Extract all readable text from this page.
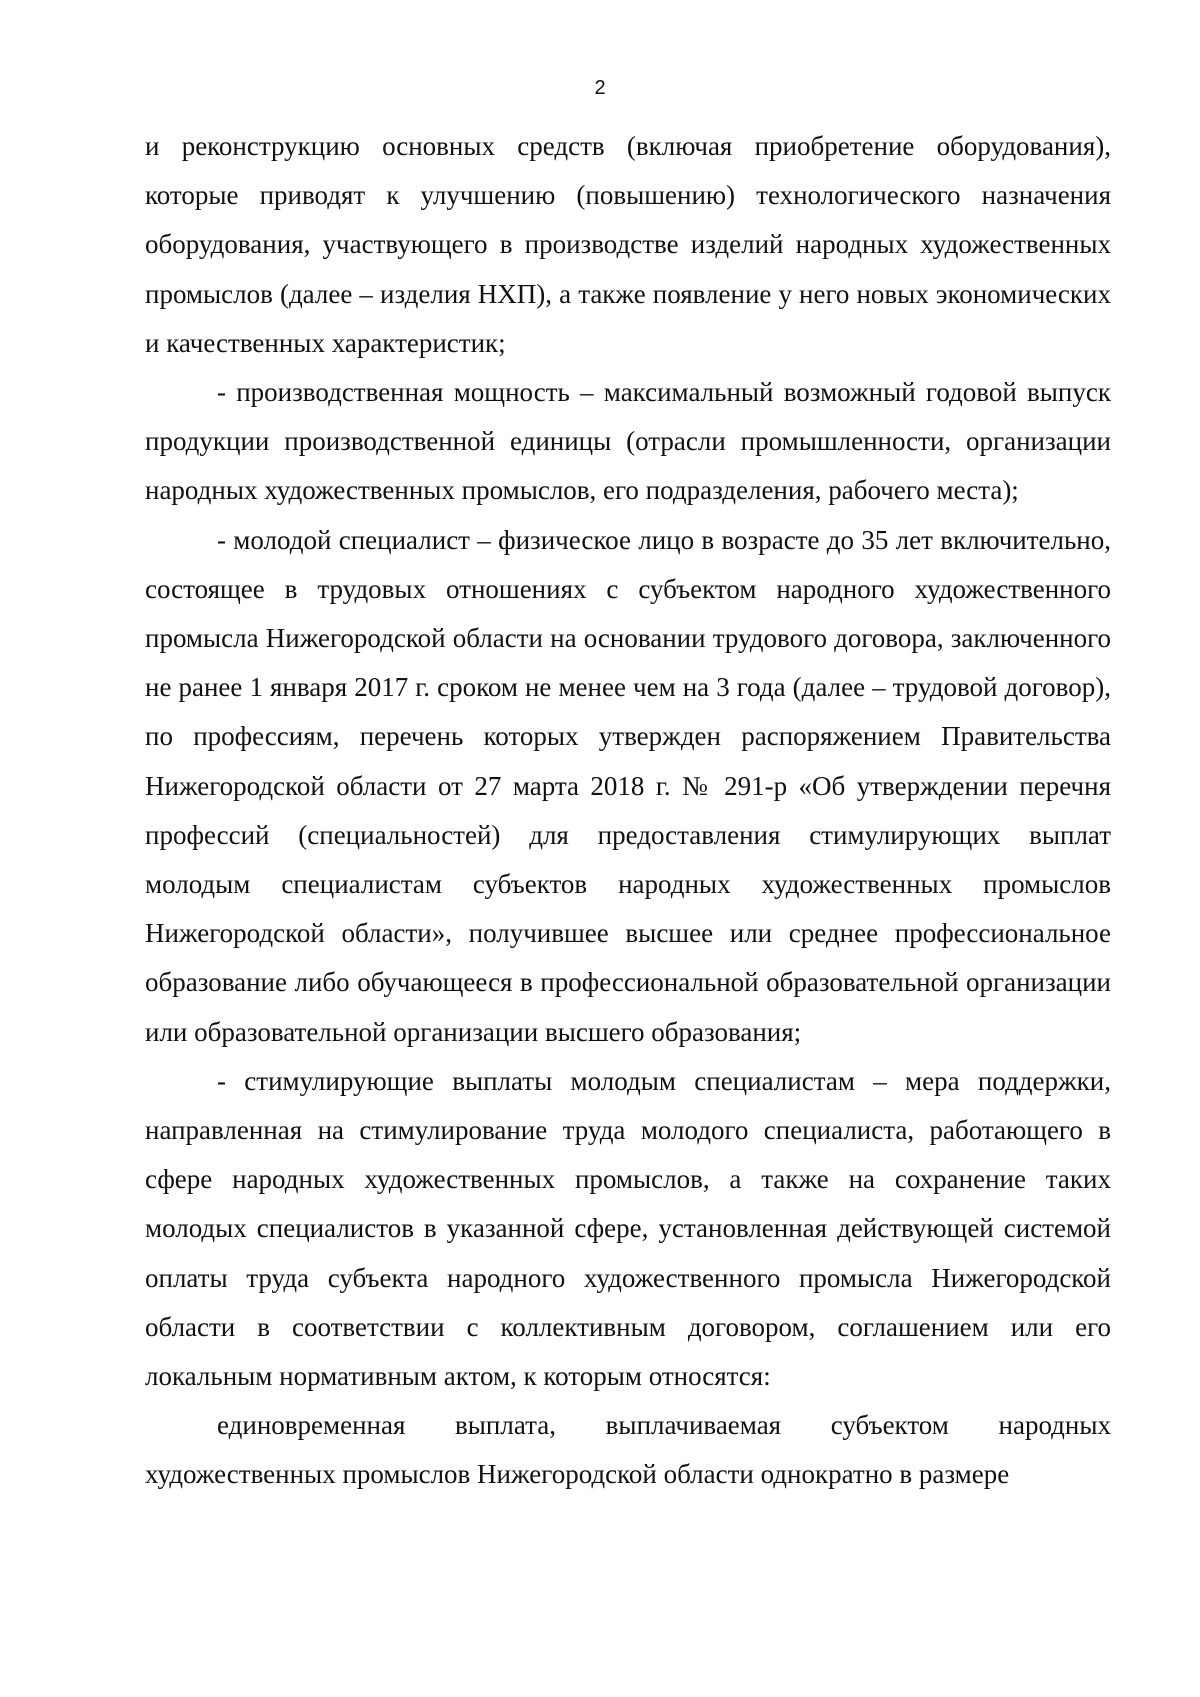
2

и реконструкцию основных средств (включая приобретение оборудования), которые приводят к улучшению (повышению) технологического назначения оборудования, участвующего в производстве изделий народных художественных промыслов (далее – изделия НХП), а также появление у него новых экономических и качественных характеристик;

- производственная мощность – максимальный возможный годовой выпуск продукции производственной единицы (отрасли промышленности, организации народных художественных промыслов, его подразделения, рабочего места);

- молодой специалист – физическое лицо в возрасте до 35 лет включительно, состоящее в трудовых отношениях с субъектом народного художественного промысла Нижегородской области на основании трудового договора, заключенного не ранее 1 января 2017 г. сроком не менее чем на 3 года (далее – трудовой договор), по профессиям, перечень которых утвержден распоряжением Правительства Нижегородской области от 27 марта 2018 г. № 291-р «Об утверждении перечня профессий (специальностей) для предоставления стимулирующих выплат молодым специалистам субъектов народных художественных промыслов Нижегородской области», получившее высшее или среднее профессиональное образование либо обучающееся в профессиональной образовательной организации или образовательной организации высшего образования;

- стимулирующие выплаты молодым специалистам – мера поддержки, направленная на стимулирование труда молодого специалиста, работающего в сфере народных художественных промыслов, а также на сохранение таких молодых специалистов в указанной сфере, установленная действующей системой оплаты труда субъекта народного художественного промысла Нижегородской области в соответствии с коллективным договором, соглашением или его локальным нормативным актом, к которым относятся:

единовременная выплата, выплачиваемая субъектом народных художественных промыслов Нижегородской области однократно в размере
